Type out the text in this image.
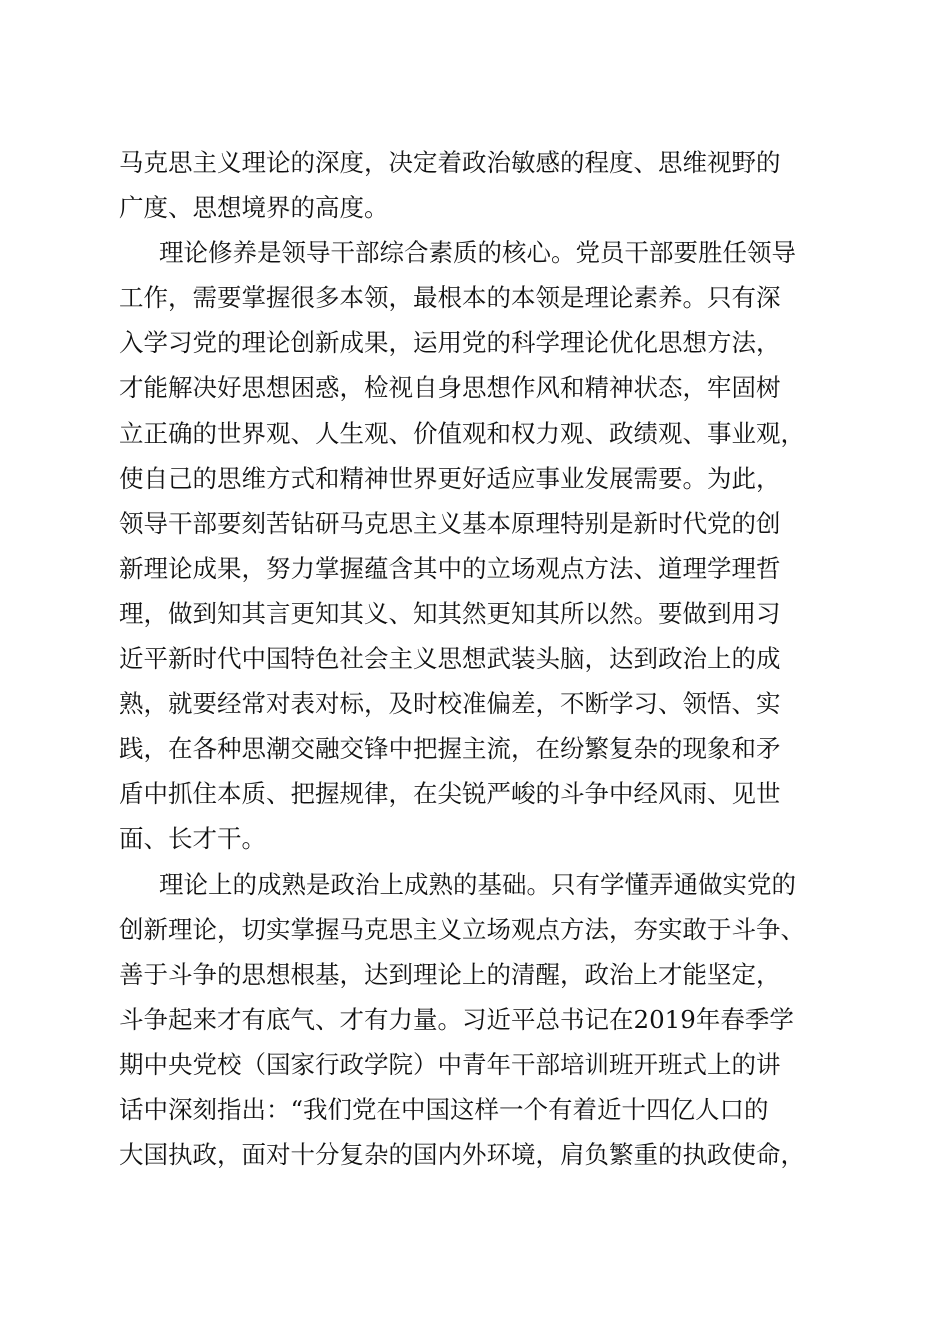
马克思主义理论的深度，决定着政治敏感的程度、思维视野的
广度、思想境界的高度。
理论修养是领导干部综合素质的核心。党员干部要胜任领导
工作，需要掌握很多本领，最根本的本领是理论素养。只有深
入学习党的理论创新成果，运用党的科学理论优化思想方法，
才能解决好思想困惑，检视自身思想作风和精神状态，牢固树
立正确的世界观、人生观、价值观和权力观、政绩观、事业观，
使自己的思维方式和精神世界更好适应事业发展需要。为此，
领导干部要刻苦钻研马克思主义基本原理特别是新时代党的创
新理论成果，努力掌握蕴含其中的立场观点方法、道理学理哲
理，做到知其言更知其义、知其然更知其所以然。要做到用习
近平新时代中国特色社会主义思想武装头脑，达到政治上的成
熟，就要经常对表对标，及时校准偏差，不断学习、领悟、实
践，在各种思潮交融交锋中把握主流，在纷繁复杂的现象和矛
盾中抓住本质、把握规律，在尖锐严峻的斗争中经风雨、见世
面、长才干。
理论上的成熟是政治上成熟的基础。只有学懂弄通做实党的
创新理论，切实掌握马克思主义立场观点方法，夯实敢于斗争、
善于斗争的思想根基，达到理论上的清醒，政治上才能坚定，
斗争起来才有底气、才有力量。习近平总书记在2019年春季学
期中央党校（国家行政学院）中青年干部培训班开班式上的讲
话中深刻指出：“我们党在中国这样一个有着近十四亿人口的
大国执政，面对十分复杂的国内外环境，肩负繁重的执政使命，
